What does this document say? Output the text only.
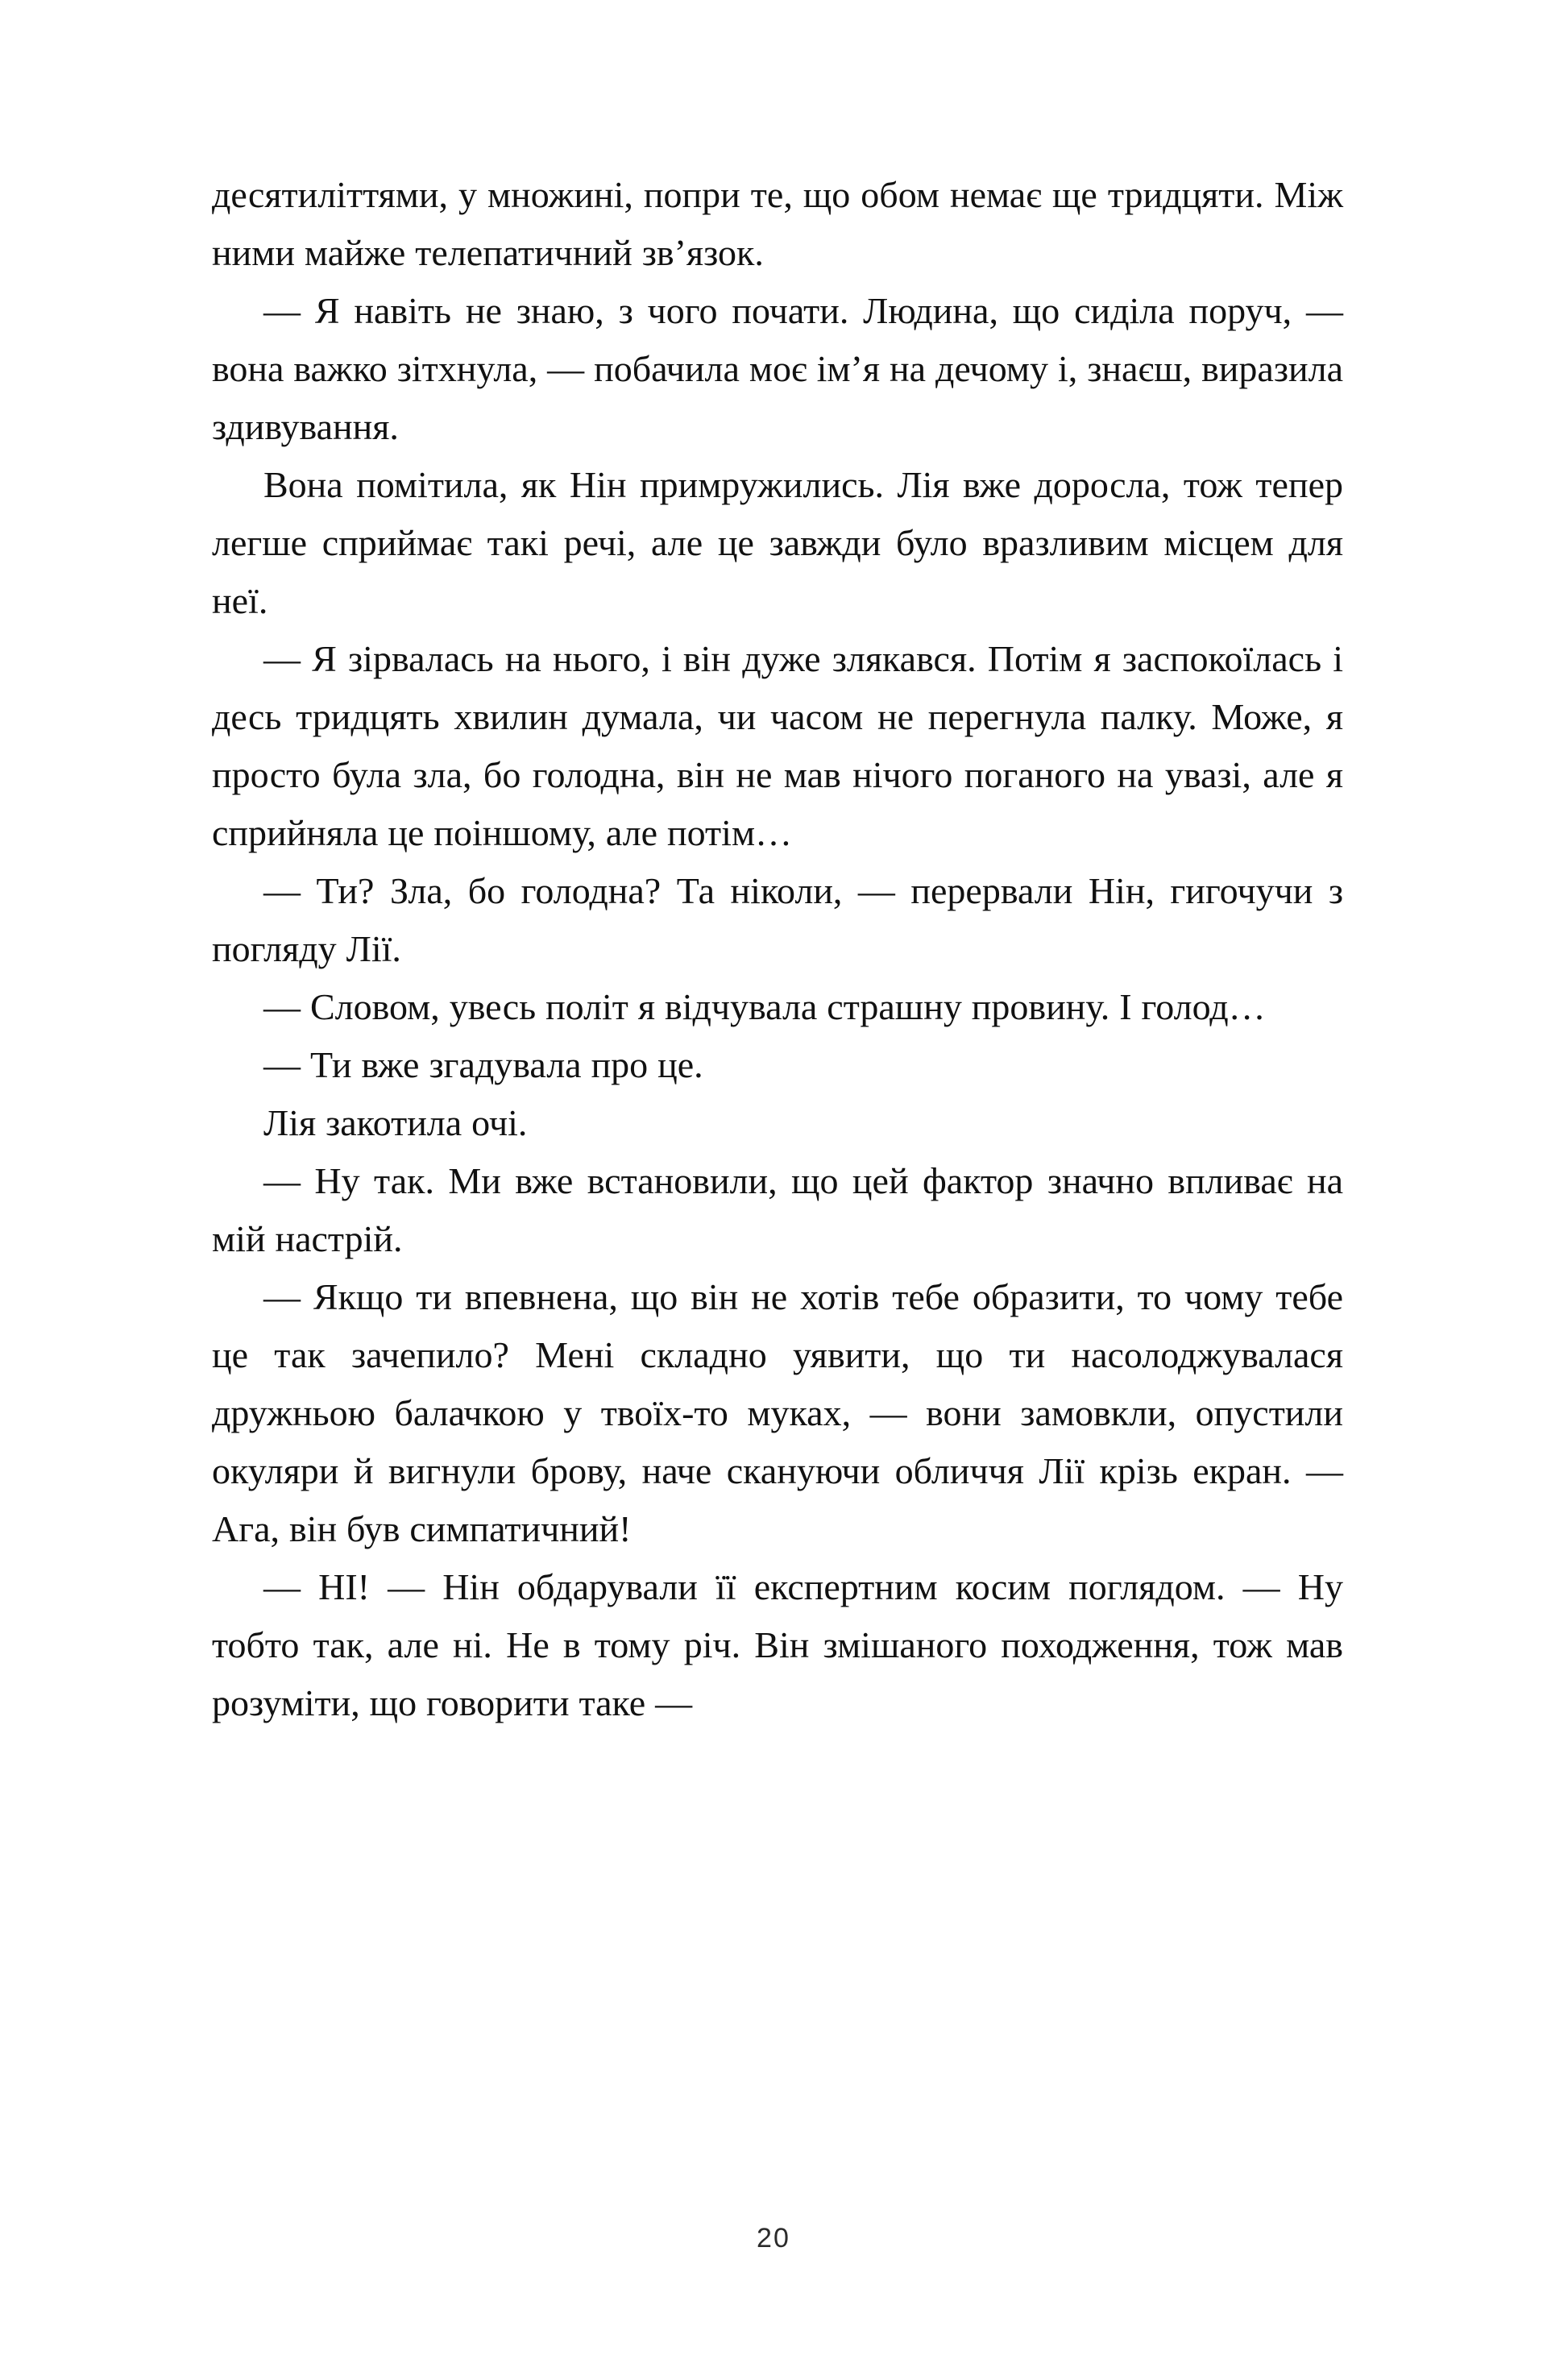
десятиліттями, у множині, попри те, що обом немає ще тридцяти. Між ними майже телепатичний звʼязок.

— Я навіть не знаю, з чого почати. Людина, що сиділа поруч, — вона важко зітхнула, — побачила моє імʼя на дечому і, знаєш, виразила здивування.

Вона помітила, як Нін примружились. Лія вже доросла, тож тепер легше сприймає такі речі, але це завжди було вразливим місцем для неї.

— Я зірвалась на нього, і він дуже злякався. Потім я заспокоїлась і десь тридцять хвилин думала, чи часом не перегнула палку. Може, я просто була зла, бо голодна, він не мав нічого поганого на увазі, але я сприйняла це поіншому, але потім…

— Ти? Зла, бо голодна? Та ніколи, — перервали Нін, гигочучи з погляду Лії.

— Словом, увесь політ я відчувала страшну провину. І голод…

— Ти вже згадувала про це.

Лія закотила очі.

— Ну так. Ми вже встановили, що цей фактор значно впливає на мій настрій.

— Якщо ти впевнена, що він не хотів тебе образити, то чому тебе це так зачепило? Мені складно уявити, що ти насолоджувалася дружньою балачкою у твоїх-то муках, — вони замовкли, опустили окуляри й вигнули брову, наче скануючи обличчя Лії крізь екран. — Ага, він був симпатичний!

— НІ! — Нін обдарували її експертним косим поглядом. — Ну тобто так, але ні. Не в тому річ. Він змішаного походження, тож мав розуміти, що говорити таке —

20
